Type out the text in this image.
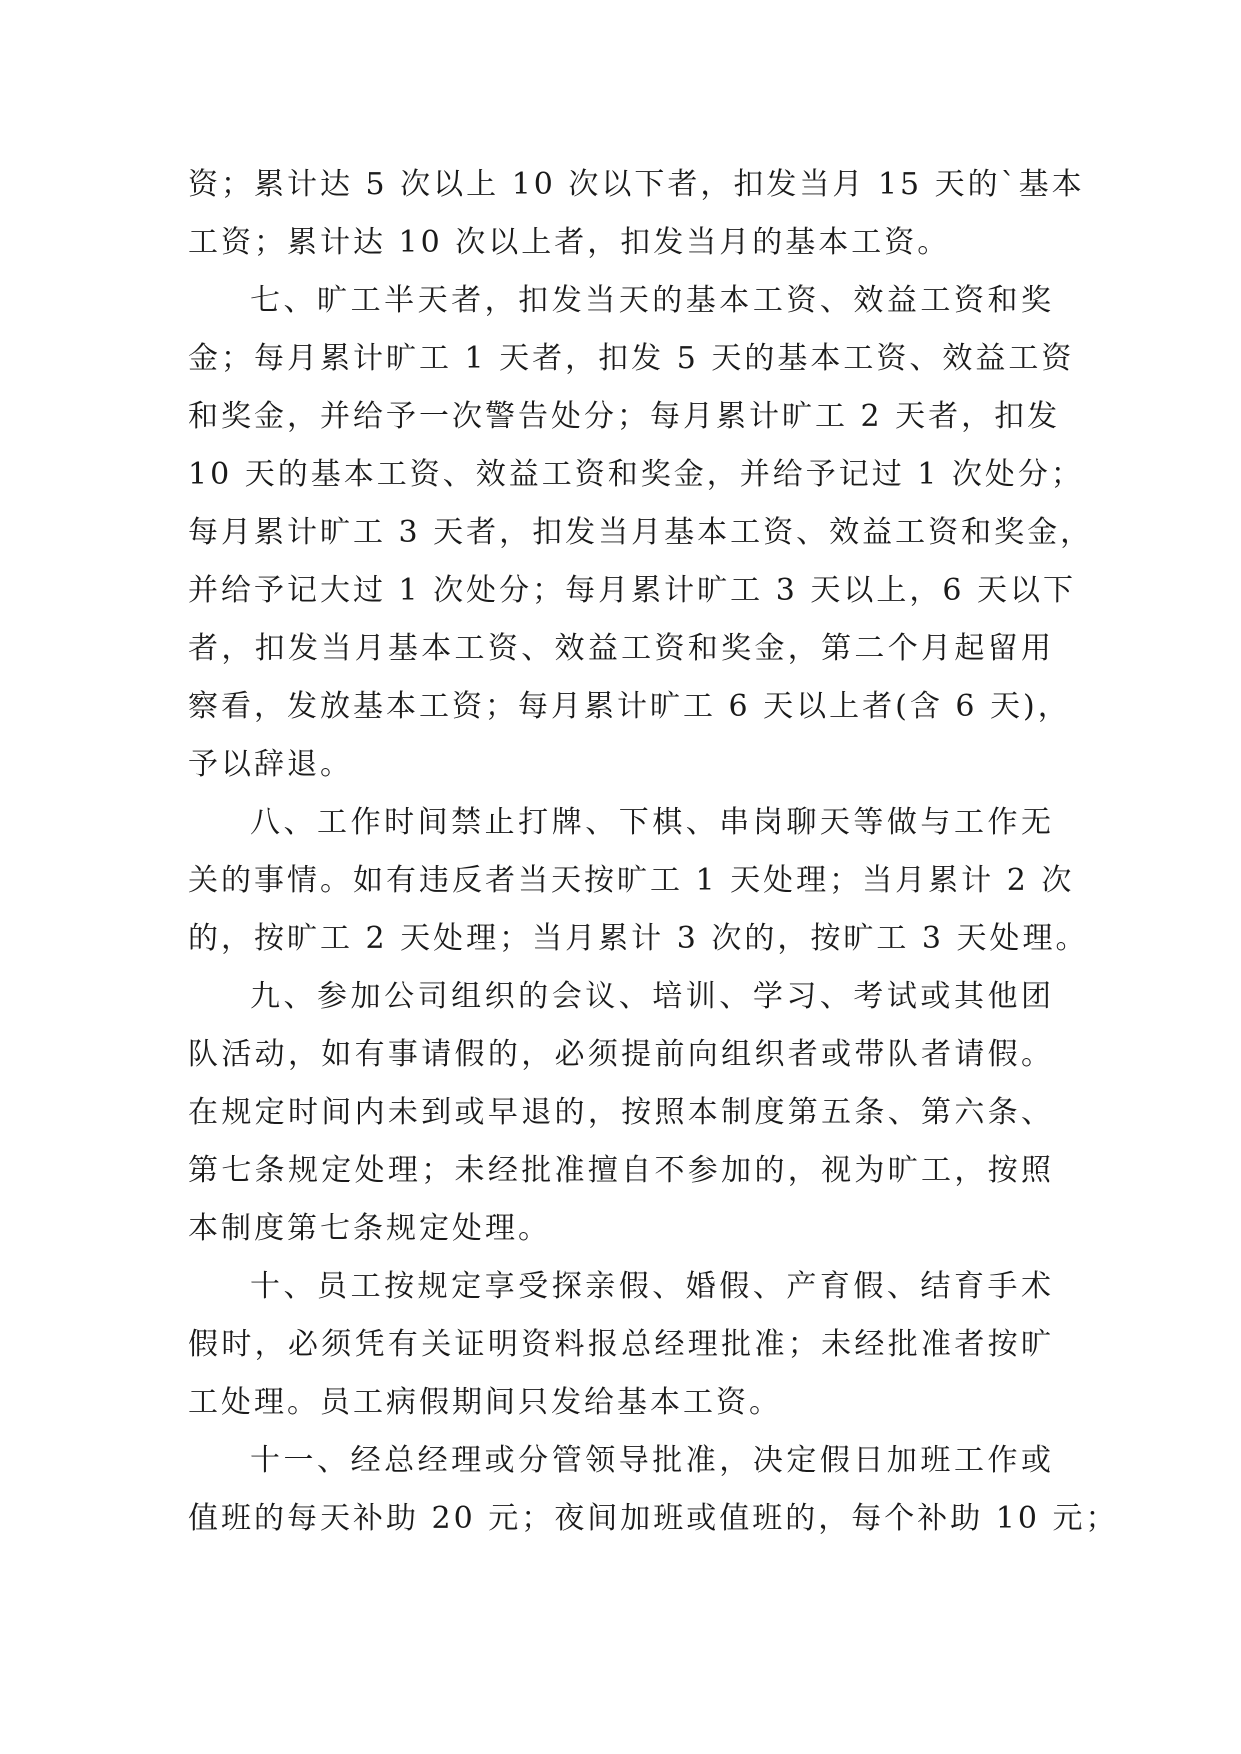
资；累计达 5 次以上 10 次以下者，扣发当月 15 天的`基本
工资；累计达 10 次以上者，扣发当月的基本工资。
七、旷工半天者，扣发当天的基本工资、效益工资和奖
金；每月累计旷工 1 天者，扣发 5 天的基本工资、效益工资
和奖金，并给予一次警告处分；每月累计旷工 2 天者，扣发
10 天的基本工资、效益工资和奖金，并给予记过 1 次处分；
每月累计旷工 3 天者，扣发当月基本工资、效益工资和奖金，
并给予记大过 1 次处分；每月累计旷工 3 天以上，6 天以下
者，扣发当月基本工资、效益工资和奖金，第二个月起留用
察看，发放基本工资；每月累计旷工 6 天以上者(含 6 天)，
予以辞退。
八、工作时间禁止打牌、下棋、串岗聊天等做与工作无
关的事情。如有违反者当天按旷工 1 天处理；当月累计 2 次
的，按旷工 2 天处理；当月累计 3 次的，按旷工 3 天处理。
九、参加公司组织的会议、培训、学习、考试或其他团
队活动，如有事请假的，必须提前向组织者或带队者请假。
在规定时间内未到或早退的，按照本制度第五条、第六条、
第七条规定处理；未经批准擅自不参加的，视为旷工，按照
本制度第七条规定处理。
十、员工按规定享受探亲假、婚假、产育假、结育手术
假时，必须凭有关证明资料报总经理批准；未经批准者按旷
工处理。员工病假期间只发给基本工资。
十一、经总经理或分管领导批准，决定假日加班工作或
值班的每天补助 20 元；夜间加班或值班的，每个补助 10 元；
